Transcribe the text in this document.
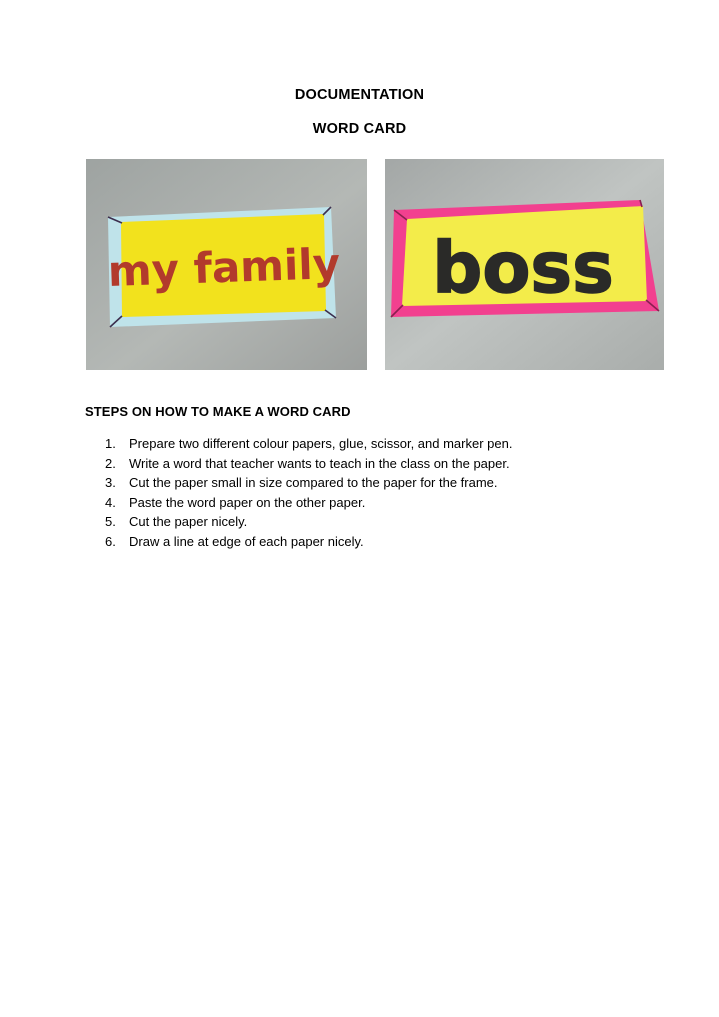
DOCUMENTATION
WORD CARD
my family boss
STEPS ON HOW TO MAKE A WORD CARD
1. Prepare two different colour papers, glue, scissor, and marker pen.
2. Write a word that teacher wants to teach in the class on the paper.
3. Cut the paper small in size compared to the paper for the frame.
4. Paste the word paper on the other paper.
5. Cut the paper nicely.
6. Draw a line at edge of each paper nicely.
